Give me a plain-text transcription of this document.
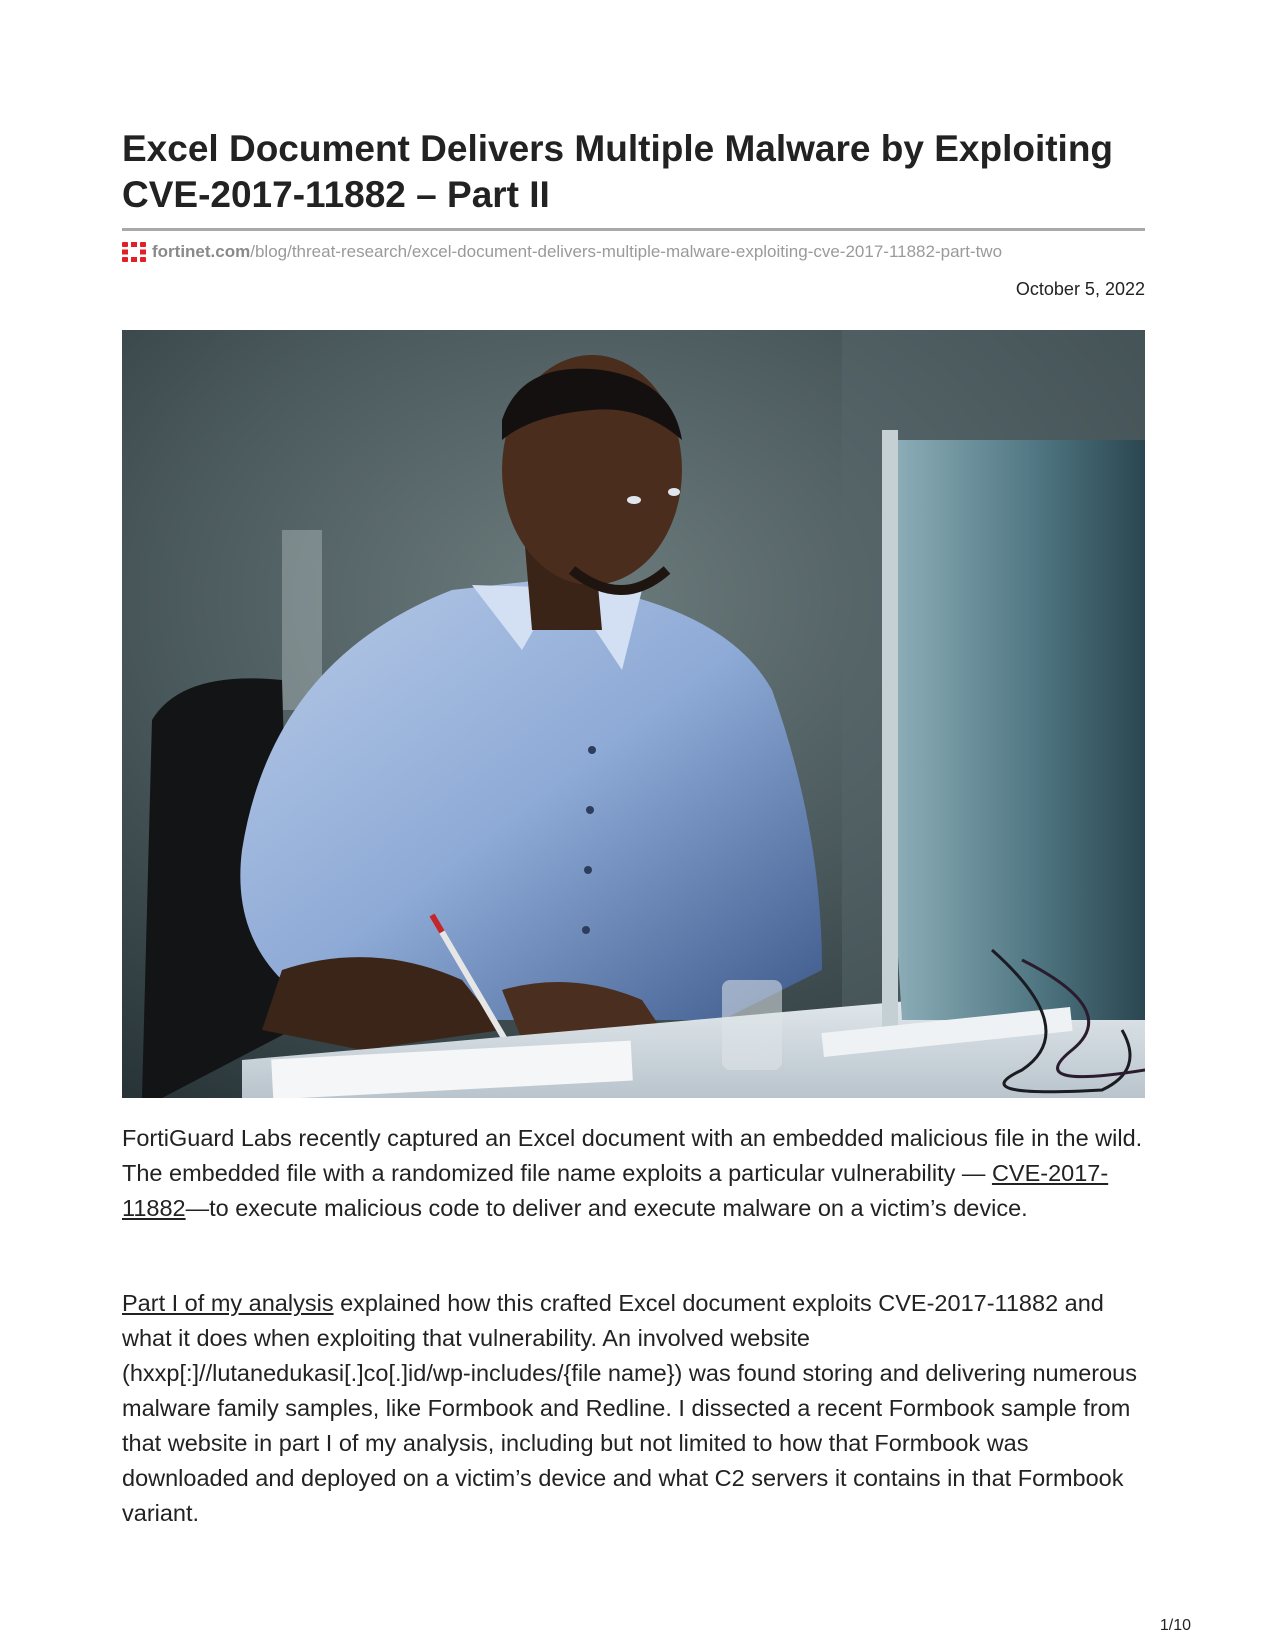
Excel Document Delivers Multiple Malware by Exploiting CVE-2017-11882 – Part II
fortinet.com /blog/threat-research/excel-document-delivers-multiple-malware-exploiting-cve-2017-11882-part-two
October 5, 2022

FortiGuard Labs recently captured an Excel document with an embedded malicious file in the wild. The embedded file with a randomized file name exploits a particular vulnerability — CVE-2017-11882—to execute malicious code to deliver and execute malware on a victim’s device.

Part I of my analysis explained how this crafted Excel document exploits CVE-2017-11882 and what it does when exploiting that vulnerability. An involved website (hxxp[:]//lutanedukasi[.]co[.]id/wp-includes/{file name}) was found storing and delivering numerous malware family samples, like Formbook and Redline. I dissected a recent Formbook sample from that website in part I of my analysis, including but not limited to how that Formbook was downloaded and deployed on a victim’s device and what C2 servers it contains in that Formbook variant.

1/10
